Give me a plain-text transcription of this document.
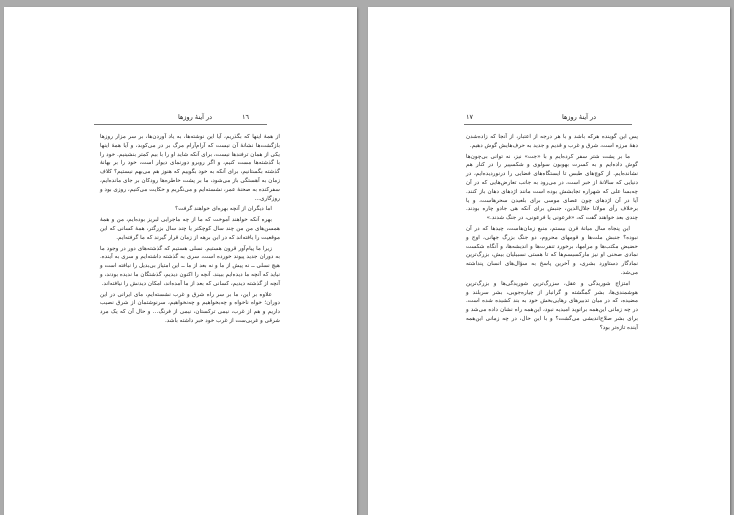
١٦
در آینهٔ روزها

از همهٔ اینها که بگذریم، آیا این نوشته‌ها، به یاد آوردن‌ها، بر سر مزار روزها بازگشت‌ها نشانهٔ آن نیست که آرام‌آرام مرگ بر در می‌کوبد، و آیا همهٔ اینها یکی از همان ترفندها نیست، برای آنکه شاید او را با بیم کمتر بنشینیم. خود را با گذشته‌ها مست کنیم، و اگر روبرو دورنمای دیوار است، خود را بر بهانهٔ گذشته بگستانیم، برای آنکه به خود بگوییم که هنوز هم می‌بهم نیستیم؟ کلاف زمان به آهستگی باز می‌شود، ما بر پشت خاطره‌ها رودکان بر جای مانده‌ایم، سفرکنده به صحنهٔ عمر، نشسته‌ایم و می‌نگریم و حکایت می‌کنیم، روزی بود و روزگاری…

اما دیگران از آنچه بهره‌ای خواهند گرفت؟

بهره آنکه خواهند آموخت که ما از چه ماجرایی لبریز بوده‌ایم، من و همهٔ همسن‌های من من چند سال کوچکتر یا چند سال بزرگتر، همهٔ کسانی که این موقعیت را یافته‌اند که در این برهه از زمان قرار گیرند که ما گرفته‌ایم.

زیرا ما پیام‌آور قرون هستیم. نسلی هستیم که گذشته‌های دور در وجود ما به دوران جدید پیوند خورده است، سری به گذشته داشته‌ایم و سری به آینده. هیچ نسلی ــ نه پیش از ما و نه بعد از ما ــ این امتیاز بی‌بدیل را نیافته است و نیاید که آنچه ما دیده‌ایم ببیند. آنچه را اکنون دیدیم، گذشتگان ما ندیده بودند، و آنچه از گذشته دیدیم، کسانی که بعد از ما آمده‌اند، امکان دیدنش را نیافته‌اند.

علاوه بر این، ما بر سر راه شرق و غرب نشسته‌ایم، مای ایرانی در این دوران؛ خواه ناخواه و چه‌بخواهیم و چه‌نخواهیم، سرنوشتمان از شرق نصیب داریم و هم از غرب، نیمی ترکستان، نیمی از فرنگ… و حال آن که یک مرد شرقی و غربی‌ست از غرب خود خبر داشته باشد.

١٧	در آینهٔ روزها

پس این گوینده هرکه باشد و با هر درجه از اعتبار، از آنجا که زاده‌شدن دهۀ مرزه است، شرق و غرب و قدیم و جدید به حرف‌هایش گوش دهیم.

ما بر پشت شتر سفر کرده‌ایم و با «جت» نیز، نه توانی بی‌چون‌ها گوش داده‌ایم و به کسرت بهوبون سولوی و شکسپیر را در کنار هم نشانده‌ایم. از کوچ‌های طبس تا ایستگاه‌های فضایی را درنوردیده‌ایم، در دنیایی که سالانهٔ از خبر است، در می‌رود به جانب تعارض‌هایی که در آن چه‌بسا علی که شهراره تجابشش بوده است مانند اژدهای دهان باز کنند. آیا در آن اژدهای چون عصای موسی برای بلعیدن سحرهاست، و یا برخلاف رأی مولانا جلال‌الدین، جنبش برای آنکه هی جادو چاره بودند. چندی بعد خواهند گفت که، «فرعونی یا فرعونی، در جنگ شدند.»

این پنجاه سال میانهٔ قرن بیستم، منبع زمان‌هاست، چیدها که در آن نبوده؟ جنبش ملت‌ها و قومهای محروم، دو جنگ بزرگ جهانی، اوج و حضیض مکتب‌ها و مرامها، برخورد تنفرت‌ها و اندیشه‌ها، و آنگاه شکست نمادی صحنی او نیز مارکسیسم‌ها که تا هستی نسبیلیان بیش، بزرگ‌ترین نمادگار دستاورد بشری، و آخرین پاسخ به سؤال‌های انسان پنداشته می‌شد.

امتزاج شوریدگی و عقل، سزرگ‌ترین شوریدگی‌ها و بزرگ‌ترین هوشمندی‌ها، بشر گمگشته و گرانبار از چیاره‌جویی، بشر سربلند و مضیده، که در میان تدبیرهای رهایی‌بخش خود به بند کشیده شده است. در چه زمانی این‌همه برانوید امیدیه نبود، این‌همه راه نشان داده می‌شد و برای بشر صلاح‌اندیشی می‌گشت؟ و با این حال، در چه زمانی این‌همه آینده تازه‌تر بود؟
